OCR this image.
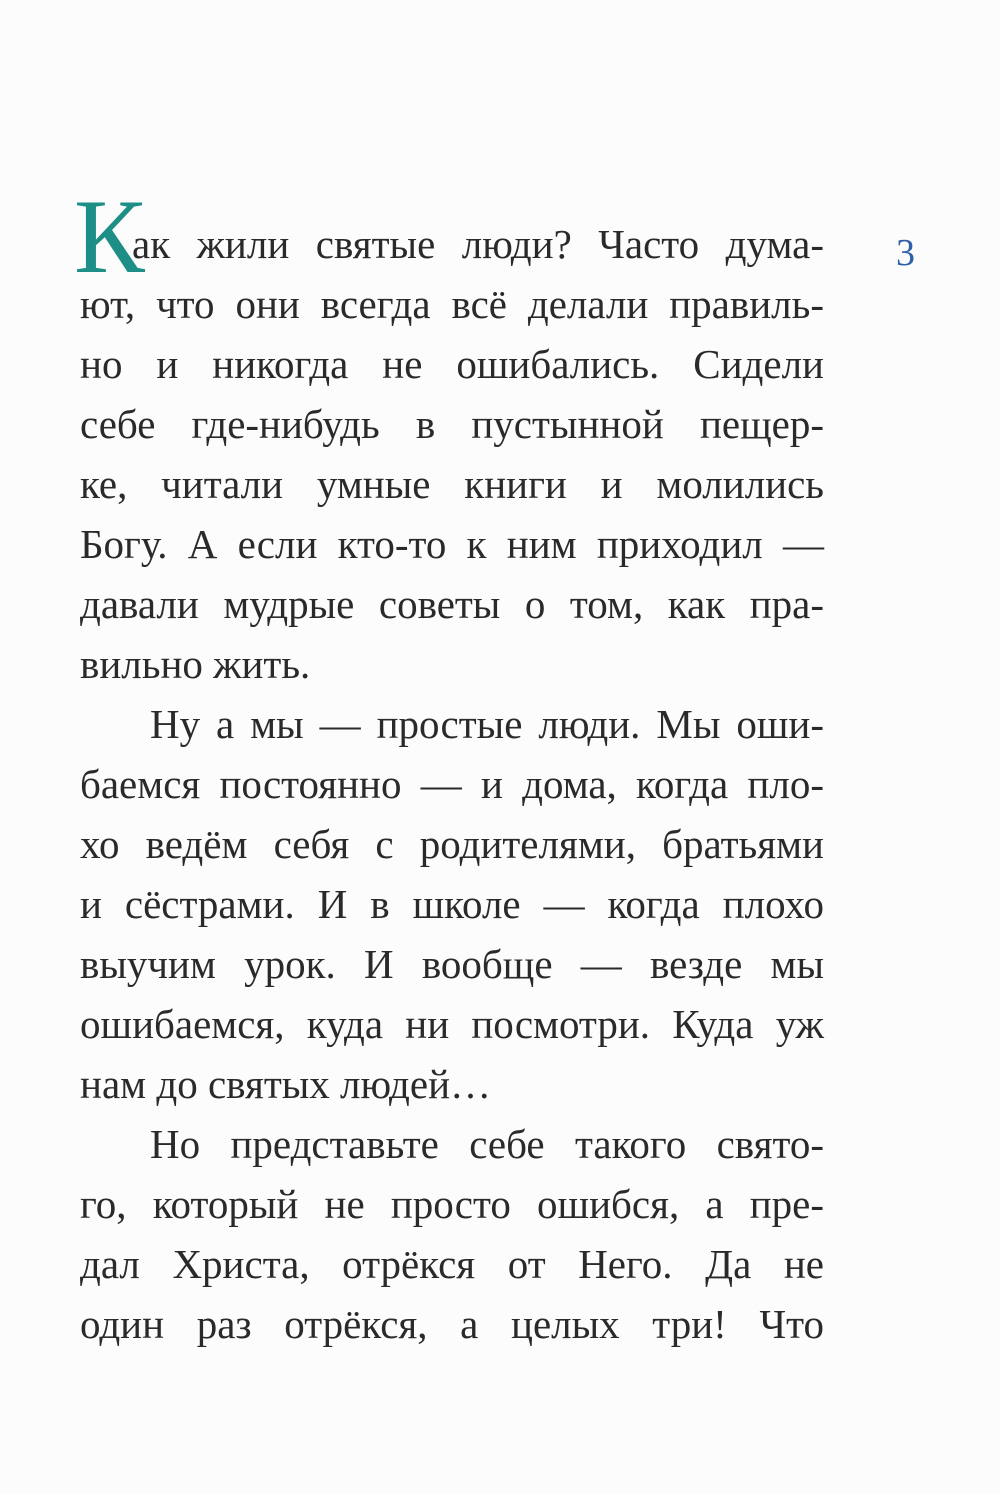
3
К
ак жили святые люди? Часто дума-
ют, что они всегда всё делали правиль-
но и никогда не ошибались. Сидели
себе где-нибудь в пустынной пещер-
ке, читали умные книги и молились
Богу. А если кто-то к ним приходил —
давали мудрые советы о том, как пра-
вильно жить.
Ну а мы — простые люди. Мы оши-
баемся постоянно — и дома, когда пло-
хо ведём себя с родителями, братьями
и сёстрами. И в школе — когда плохо
выучим урок. И вообще — везде мы
ошибаемся, куда ни посмотри. Куда уж
нам до святых людей…
Но представьте себе такого свято-
го, который не просто ошибся, а пре-
дал Христа, отрёкся от Него. Да не
один раз отрёкся, а целых три! Что
